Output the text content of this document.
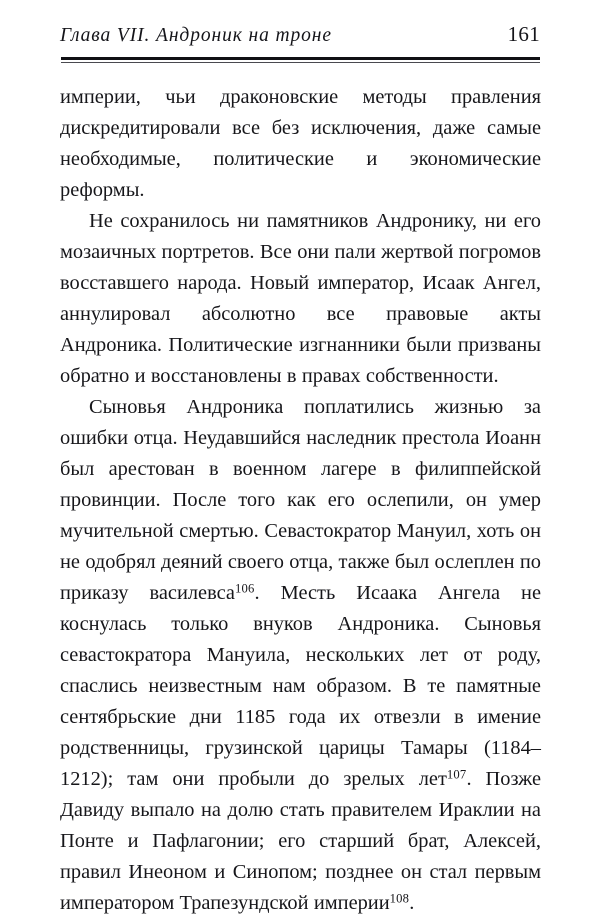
Глава VII. Андроник на троне	161

империи, чьи драконовские методы правления дискредитировали все без исключения, даже самые необходимые, политические и экономические реформы.

Не сохранилось ни памятников Андронику, ни его мозаичных портретов. Все они пали жертвой погромов восставшего народа. Новый император, Исаак Ангел, аннулировал абсолютно все правовые акты Андроника. Политические изгнанники были призваны обратно и восстановлены в правах собственности.

Сыновья Андроника поплатились жизнью за ошибки отца. Неудавшийся наследник престола Иоанн был арестован в военном лагере в филиппейской провинции. После того как его ослепили, он умер мучительной смертью. Севастократор Мануил, хоть он не одобрял деяний своего отца, также был ослеплен по приказу василевса$^{106}$. Месть Исаака Ангела не коснулась только внуков Андроника. Сыновья севастократора Мануила, нескольких лет от роду, спаслись неизвестным нам образом. В те памятные сентябрьские дни 1185 года их отвезли в имение родственницы, грузинской царицы Тамары (1184–1212); там они пробыли до зрелых лет$^{107}$. Позже Давиду выпало на долю стать правителем Ираклии на Понте и Пафлагонии; его старший брат, Алексей, правил Инеоном и Синопом; позднее он стал первым императором Трапезундской империи$^{108}$.
